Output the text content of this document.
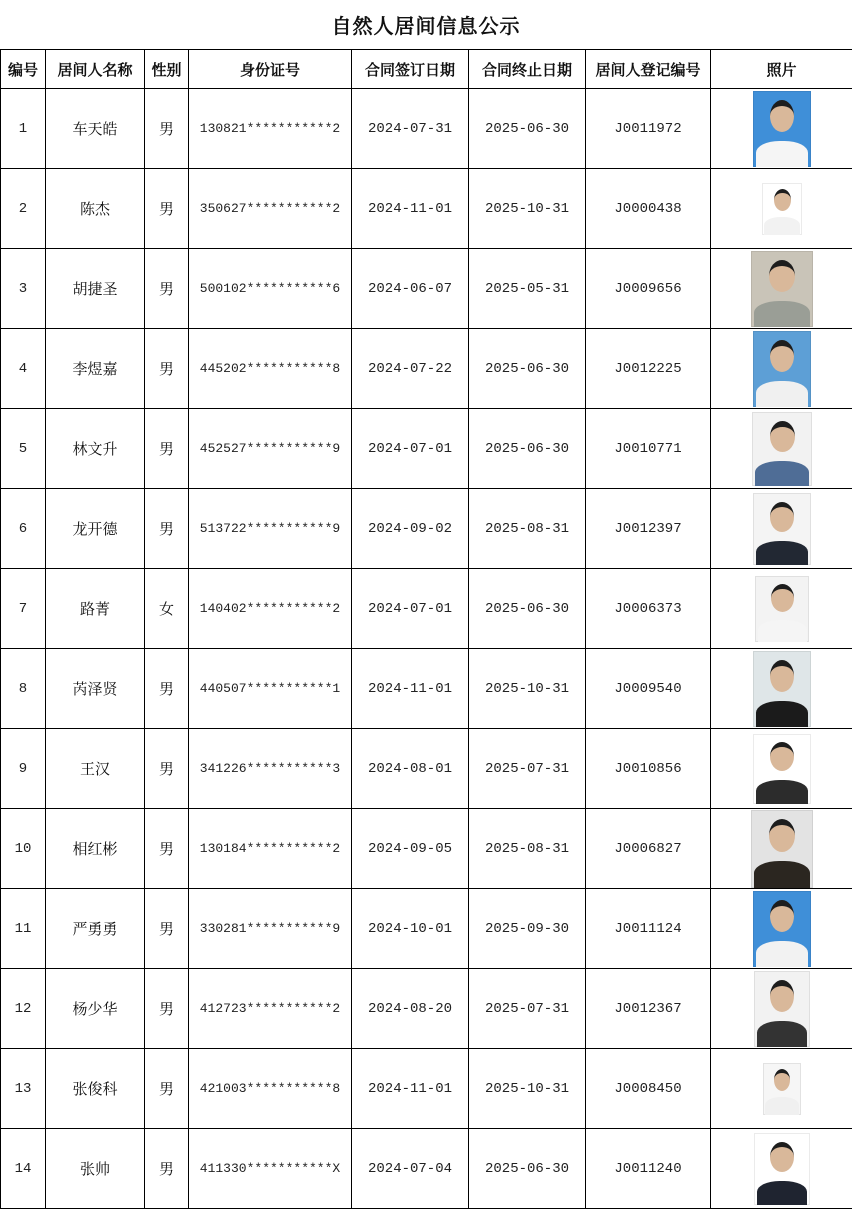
自然人居间信息公示
编号	居间人名称	性别	身份证号	合同签订日期	合同终止日期	居间人登记编号	照片
1	车天皓	男	130821***********2	2024-07-31	2025-06-30	J0011972	

2	陈杰	男	350627***********2	2024-11-01	2025-10-31	J0000438	

3	胡捷圣	男	500102***********6	2024-06-07	2025-05-31	J0009656	

4	李煜嘉	男	445202***********8	2024-07-22	2025-06-30	J0012225	

5	林文升	男	452527***********9	2024-07-01	2025-06-30	J0010771	

6	龙开德	男	513722***********9	2024-09-02	2025-08-31	J0012397	

7	路菁	女	140402***********2	2024-07-01	2025-06-30	J0006373	

8	芮泽贤	男	440507***********1	2024-11-01	2025-10-31	J0009540	

9	王汉	男	341226***********3	2024-08-01	2025-07-31	J0010856	

10	相红彬	男	130184***********2	2024-09-05	2025-08-31	J0006827	

11	严勇勇	男	330281***********9	2024-10-01	2025-09-30	J0011124	

12	杨少华	男	412723***********2	2024-08-20	2025-07-31	J0012367	

13	张俊科	男	421003***********8	2024-11-01	2025-10-31	J0008450	

14	张帅	男	411330***********X	2024-07-04	2025-06-30	J0011240	
